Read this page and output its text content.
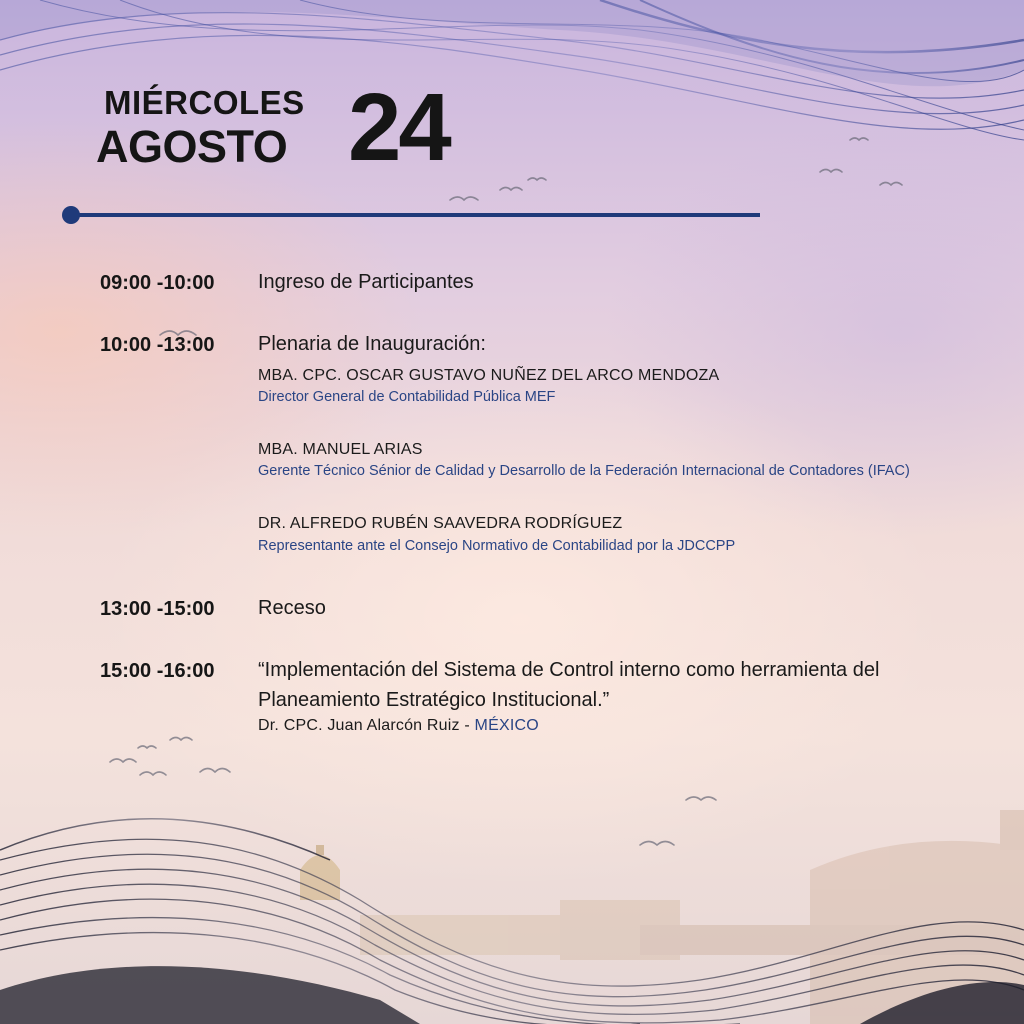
MIÉRCOLES
AGOSTO 24
09:00 -10:00	Ingreso de Participantes
10:00 -13:00	Plenaria de Inauguración:
MBA. CPC. OSCAR GUSTAVO NUÑEZ DEL ARCO MENDOZA
Director General de Contabilidad Pública MEF
MBA. MANUEL ARIAS
Gerente Técnico Sénior de Calidad y Desarrollo de la Federación Internacional de Contadores (IFAC)
DR. ALFREDO RUBÉN SAAVEDRA RODRÍGUEZ
Representante ante el Consejo Normativo de Contabilidad por la JDCCPP
13:00 -15:00	Receso
15:00 -16:00	“Implementación del Sistema de Control interno como herramienta del
Planeamiento Estratégico Institucional.”
Dr. CPC. Juan Alarcón Ruiz - MÉXICO
